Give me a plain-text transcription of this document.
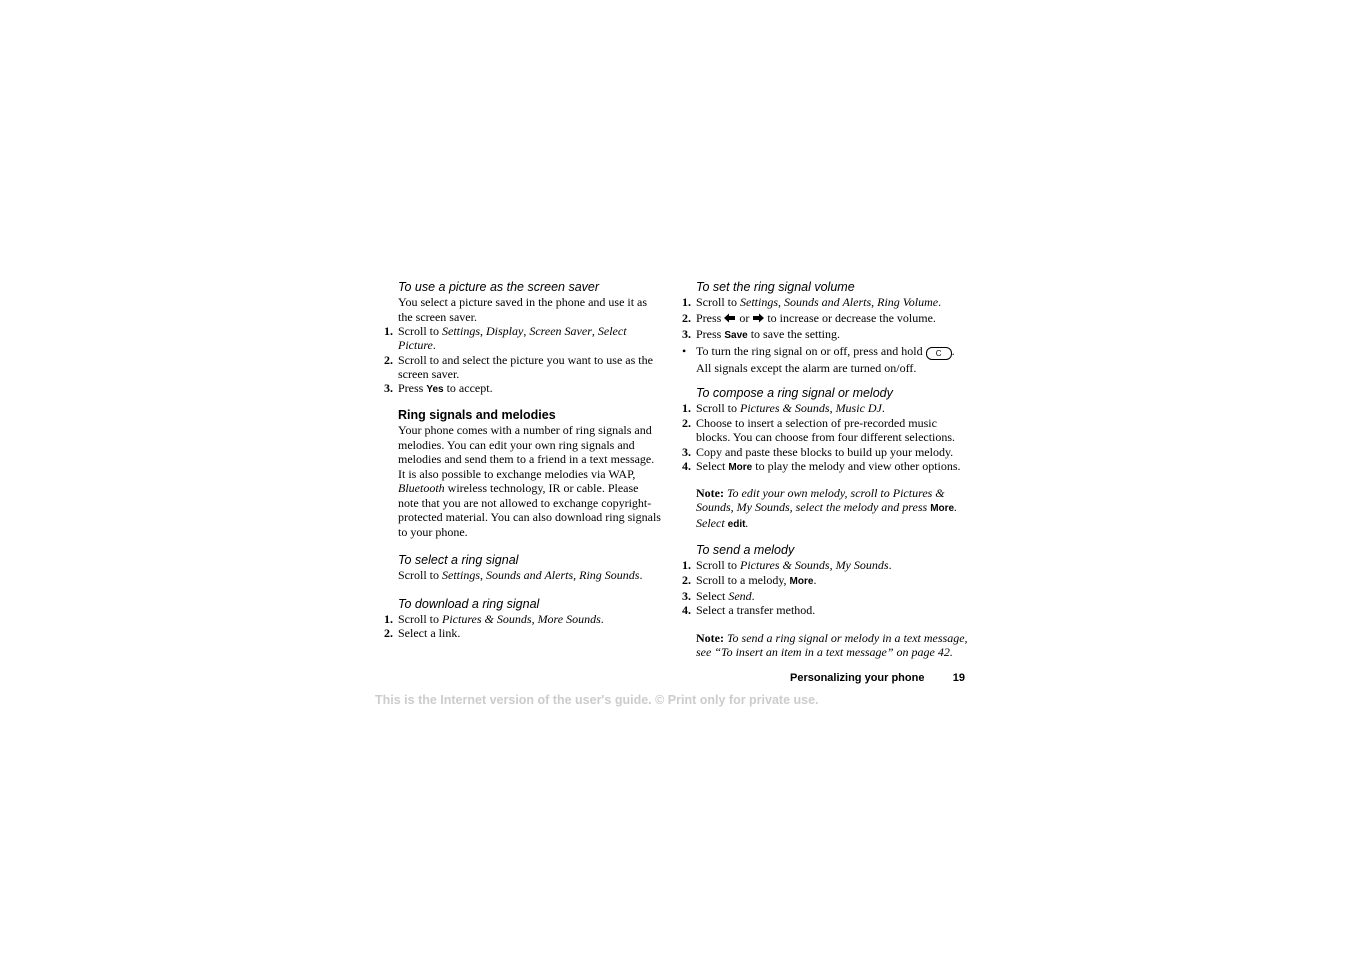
To use a picture as the screen saver
You select a picture saved in the phone and use it as the screen saver.
1. Scroll to Settings, Display, Screen Saver, Select Picture.
2. Scroll to and select the picture you want to use as the screen saver.
3. Press Yes to accept.
Ring signals and melodies
Your phone comes with a number of ring signals and melodies. You can edit your own ring signals and melodies and send them to a friend in a text message. It is also possible to exchange melodies via WAP, Bluetooth wireless technology, IR or cable. Please note that you are not allowed to exchange copyright-protected material. You can also download ring signals to your phone.
To select a ring signal
Scroll to Settings, Sounds and Alerts, Ring Sounds.
To download a ring signal
1. Scroll to Pictures & Sounds, More Sounds.
2. Select a link.
To set the ring signal volume
1. Scroll to Settings, Sounds and Alerts, Ring Volume.
2. Press  or  to increase or decrease the volume.
3. Press Save to save the setting.
• To turn the ring signal on or off, press and hold C . All signals except the alarm are turned on/off.
To compose a ring signal or melody
1. Scroll to Pictures & Sounds, Music DJ.
2. Choose to insert a selection of pre-recorded music blocks. You can choose from four different selections.
3. Copy and paste these blocks to build up your melody.
4. Select More to play the melody and view other options.
Note: To edit your own melody, scroll to Pictures & Sounds, My Sounds, select the melody and press More. Select edit.
To send a melody
1. Scroll to Pictures & Sounds, My Sounds.
2. Scroll to a melody, More.
3. Select Send.
4. Select a transfer method.
Note: To send a ring signal or melody in a text message, see “To insert an item in a text message” on page 42.
Personalizing your phone	19
This is the Internet version of the user's guide. © Print only for private use.
